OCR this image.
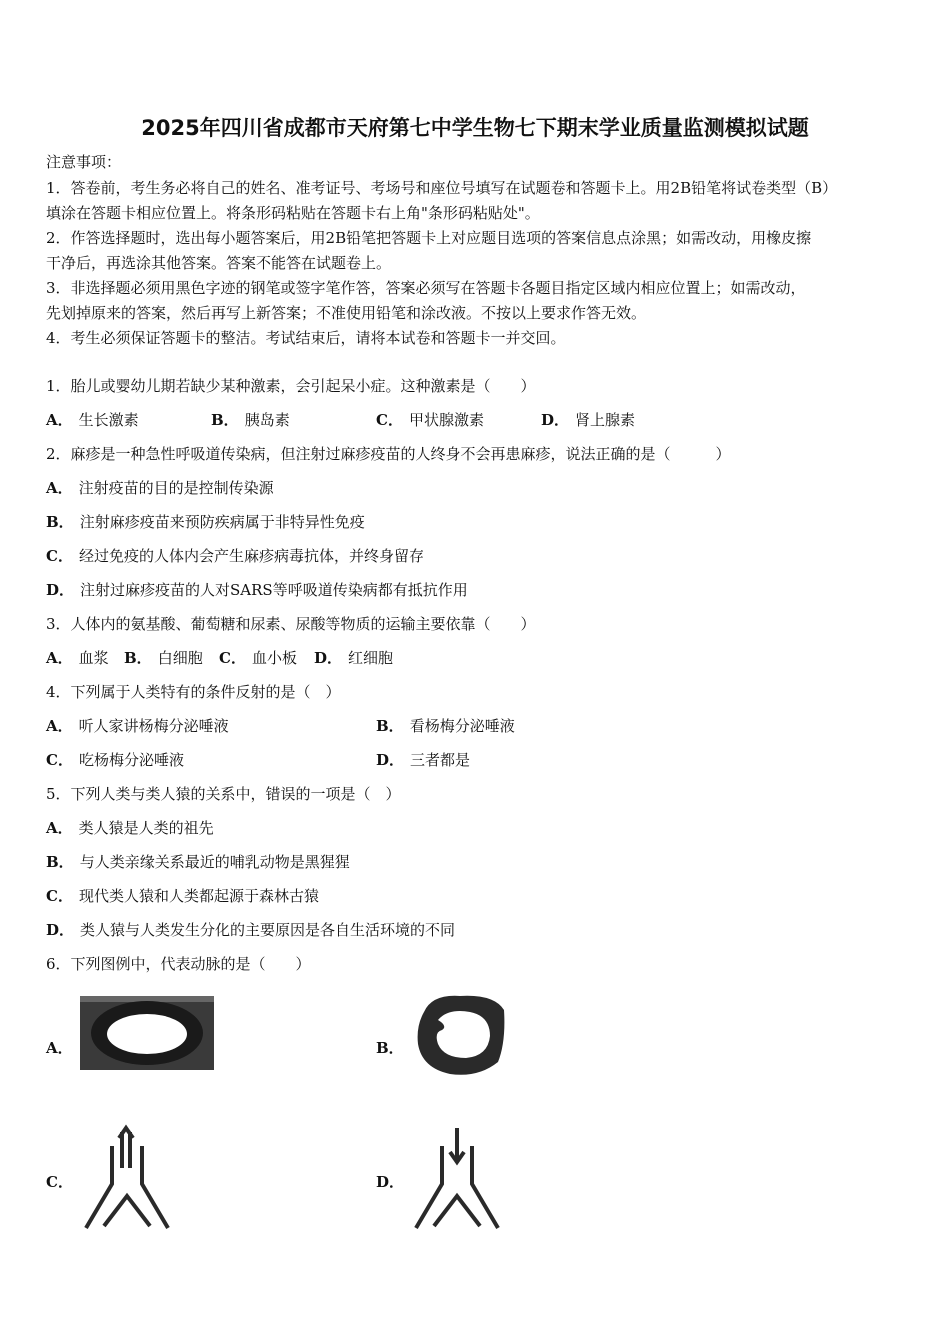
2025年四川省成都市天府第七中学生物七下期末学业质量监测模拟试题
注意事项：
1．答卷前，考生务必将自己的姓名、准考证号、考场号和座位号填写在试题卷和答题卡上。用2B铅笔将试卷类型（B）
填涂在答题卡相应位置上。将条形码粘贴在答题卡右上角"条形码粘贴处"。
2．作答选择题时，选出每小题答案后，用2B铅笔把答题卡上对应题目选项的答案信息点涂黑；如需改动，用橡皮擦
干净后，再选涂其他答案。答案不能答在试题卷上。
3．非选择题必须用黑色字迹的钢笔或签字笔作答，答案必须写在答题卡各题目指定区域内相应位置上；如需改动，
先划掉原来的答案，然后再写上新答案；不准使用铅笔和涂改液。不按以上要求作答无效。
4．考生必须保证答题卡的整洁。考试结束后，请将本试卷和答题卡一并交回。
1．胎儿或婴幼儿期若缺少某种激素，会引起呆小症。这种激素是（　　）
A． 生长激素	B． 胰岛素	C． 甲状腺激素	D． 肾上腺素
2．麻疹是一种急性呼吸道传染病，但注射过麻疹疫苗的人终身不会再患麻疹，说法正确的是（　　　）
A． 注射疫苗的目的是控制传染源
B． 注射麻疹疫苗来预防疾病属于非特异性免疫
C． 经过免疫的人体内会产生麻疹病毒抗体，并终身留存
D． 注射过麻疹疫苗的人对SARS等呼吸道传染病都有抵抗作用
3．人体内的氨基酸、葡萄糖和尿素、尿酸等物质的运输主要依靠（　　）
A． 血浆 B． 白细胞 C． 血小板 D． 红细胞
4．下列属于人类特有的条件反射的是（　）
A． 听人家讲杨梅分泌唾液	B． 看杨梅分泌唾液
C． 吃杨梅分泌唾液	D． 三者都是
5．下列人类与类人猿的关系中，错误的一项是（　）
A． 类人猿是人类的祖先
B． 与人类亲缘关系最近的哺乳动物是黑猩猩
C． 现代类人猿和人类都起源于森林古猿
D． 类人猿与人类发生分化的主要原因是各自生活环境的不同
6．下列图例中，代表动脉的是（　　）
A．	B．
C．	D．
